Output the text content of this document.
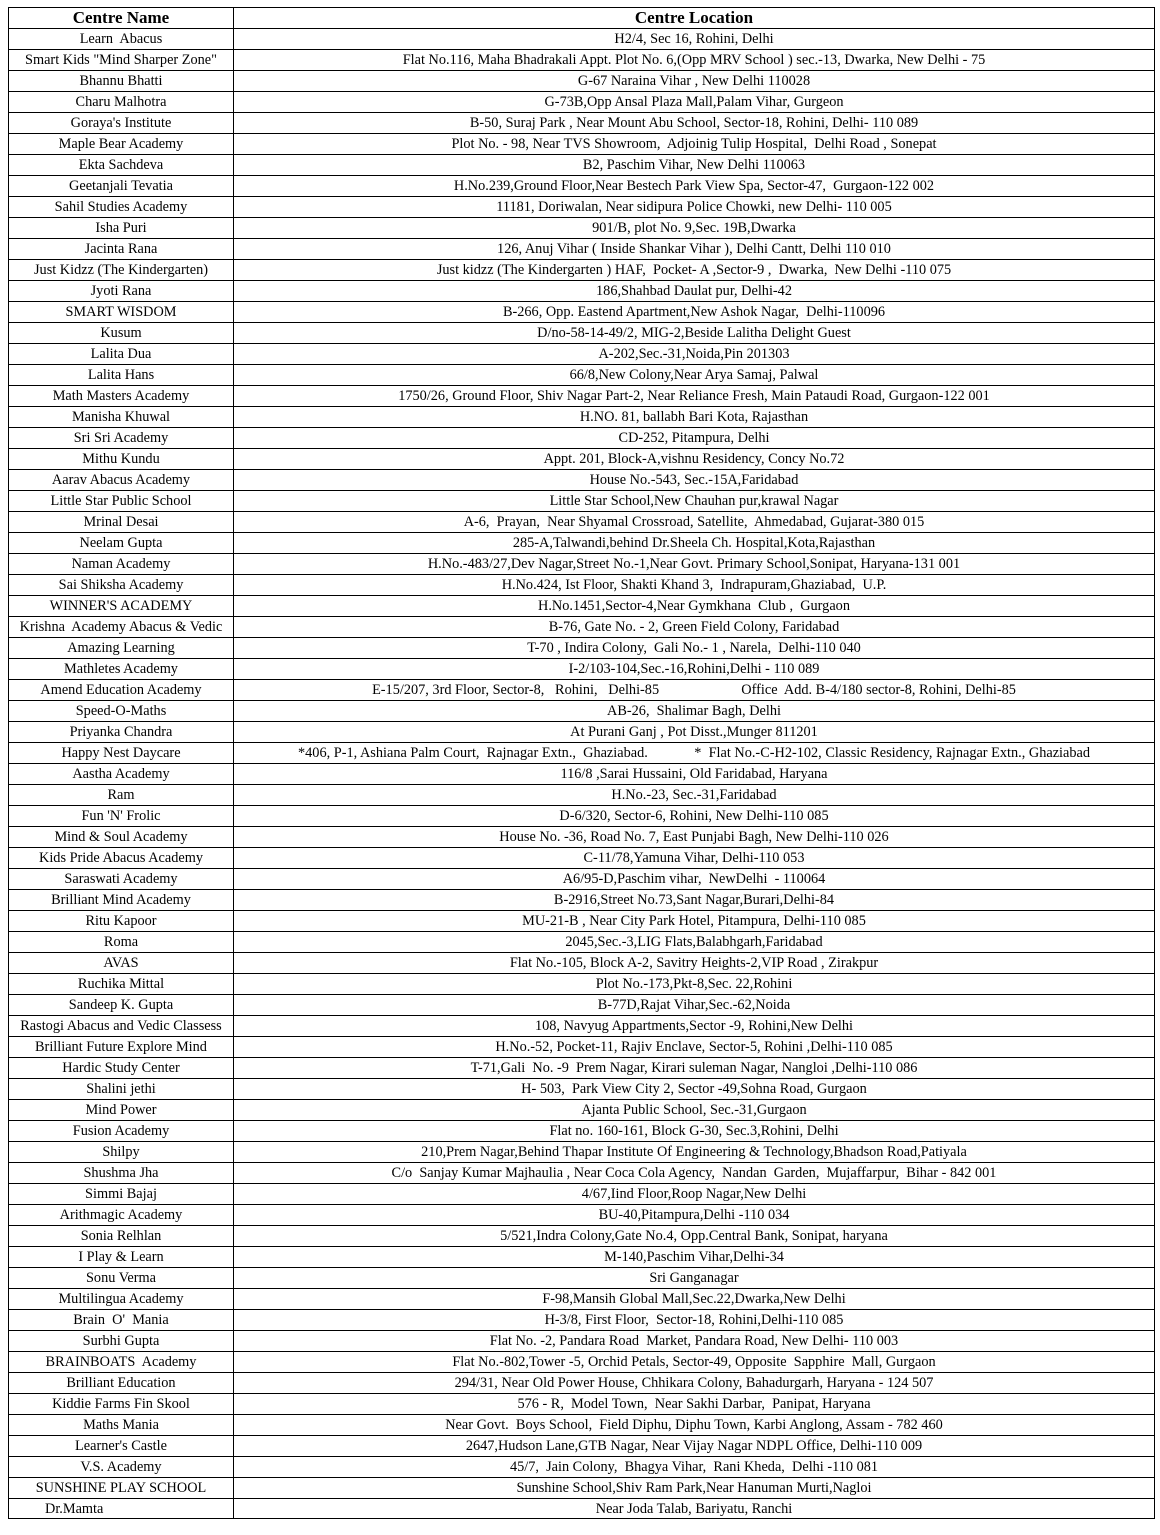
Centre Name	Centre Location
Learn  Abacus	H2/4, Sec 16, Rohini, Delhi
Smart Kids "Mind Sharper Zone"	Flat No.116, Maha Bhadrakali Appt. Plot No. 6,(Opp MRV School ) sec.-13, Dwarka, New Delhi - 75
Bhannu Bhatti	G-67 Naraina Vihar , New Delhi 110028
Charu Malhotra	G-73B,Opp Ansal Plaza Mall,Palam Vihar, Gurgeon
Goraya's Institute	B-50, Suraj Park , Near Mount Abu School, Sector-18, Rohini, Delhi- 110 089
Maple Bear Academy	Plot No. - 98, Near TVS Showroom,  Adjoinig Tulip Hospital,  Delhi Road , Sonepat
Ekta Sachdeva	B2, Paschim Vihar, New Delhi 110063
Geetanjali Tevatia	H.No.239,Ground Floor,Near Bestech Park View Spa, Sector-47,  Gurgaon-122 002
Sahil Studies Academy	11181, Doriwalan, Near sidipura Police Chowki, new Delhi- 110 005
Isha Puri	901/B, plot No. 9,Sec. 19B,Dwarka
Jacinta Rana	126, Anuj Vihar ( Inside Shankar Vihar ), Delhi Cantt, Delhi 110 010
Just Kidzz (The Kindergarten)	Just kidzz (The Kindergarten ) HAF,  Pocket- A ,Sector-9 ,  Dwarka,  New Delhi -110 075
Jyoti Rana	186,Shahbad Daulat pur, Delhi-42
SMART WISDOM	B-266, Opp. Eastend Apartment,New Ashok Nagar,  Delhi-110096
Kusum	D/no-58-14-49/2, MIG-2,Beside Lalitha Delight Guest
Lalita Dua	A-202,Sec.-31,Noida,Pin 201303
Lalita Hans	66/8,New Colony,Near Arya Samaj, Palwal
Math Masters Academy	1750/26, Ground Floor, Shiv Nagar Part-2, Near Reliance Fresh, Main Pataudi Road, Gurgaon-122 001
Manisha Khuwal	H.NO. 81, ballabh Bari Kota, Rajasthan
Sri Sri Academy	CD-252, Pitampura, Delhi
Mithu Kundu	Appt. 201, Block-A,vishnu Residency, Concy No.72
Aarav Abacus Academy	House No.-543, Sec.-15A,Faridabad
Little Star Public School	Little Star School,New Chauhan pur,krawal Nagar
Mrinal Desai	A-6,  Prayan,  Near Shyamal Crossroad, Satellite,  Ahmedabad, Gujarat-380 015
Neelam Gupta	285-A,Talwandi,behind Dr.Sheela Ch. Hospital,Kota,Rajasthan
Naman Academy	H.No.-483/27,Dev Nagar,Street No.-1,Near Govt. Primary School,Sonipat, Haryana-131 001
Sai Shiksha Academy	H.No.424, Ist Floor, Shakti Khand 3,  Indrapuram,Ghaziabad,  U.P.
WINNER'S ACADEMY	H.No.1451,Sector-4,Near Gymkhana  Club ,  Gurgaon
Krishna  Academy Abacus & Vedic	B-76, Gate No. - 2, Green Field Colony, Faridabad
Amazing Learning	T-70 , Indira Colony,  Gali No.- 1 , Narela,  Delhi-110 040
Mathletes Academy	I-2/103-104,Sec.-16,Rohini,Delhi - 110 089
Amend Education Academy	E-15/207, 3rd Floor, Sector-8,   Rohini,   Delhi-85                       Office  Add. B-4/180 sector-8, Rohini, Delhi-85
Speed-O-Maths	AB-26,  Shalimar Bagh, Delhi
Priyanka Chandra	At Purani Ganj , Pot Disst.,Munger 811201
Happy Nest Daycare	*406, P-1, Ashiana Palm Court,  Rajnagar Extn.,  Ghaziabad.             *  Flat No.-C-H2-102, Classic Residency, Rajnagar Extn., Ghaziabad
Aastha Academy	116/8 ,Sarai Hussaini, Old Faridabad, Haryana
Ram	H.No.-23, Sec.-31,Faridabad
Fun 'N' Frolic	D-6/320, Sector-6, Rohini, New Delhi-110 085
Mind & Soul Academy	House No. -36, Road No. 7, East Punjabi Bagh, New Delhi-110 026
Kids Pride Abacus Academy	C-11/78,Yamuna Vihar, Delhi-110 053
Saraswati Academy	A6/95-D,Paschim vihar,  NewDelhi  - 110064
Brilliant Mind Academy	B-2916,Street No.73,Sant Nagar,Burari,Delhi-84
Ritu Kapoor	MU-21-B , Near City Park Hotel, Pitampura, Delhi-110 085
Roma	2045,Sec.-3,LIG Flats,Balabhgarh,Faridabad
AVAS	Flat No.-105, Block A-2, Savitry Heights-2,VIP Road , Zirakpur
Ruchika Mittal	Plot No.-173,Pkt-8,Sec. 22,Rohini
Sandeep K. Gupta	B-77D,Rajat Vihar,Sec.-62,Noida
Rastogi Abacus and Vedic Classess	108, Navyug Appartments,Sector -9, Rohini,New Delhi
Brilliant Future Explore Mind	H.No.-52, Pocket-11, Rajiv Enclave, Sector-5, Rohini ,Delhi-110 085
Hardic Study Center	T-71,Gali  No. -9  Prem Nagar, Kirari suleman Nagar, Nangloi ,Delhi-110 086
Shalini jethi	H- 503,  Park View City 2, Sector -49,Sohna Road, Gurgaon
Mind Power	Ajanta Public School, Sec.-31,Gurgaon
Fusion Academy	Flat no. 160-161, Block G-30, Sec.3,Rohini, Delhi
Shilpy	210,Prem Nagar,Behind Thapar Institute Of Engineering & Technology,Bhadson Road,Patiyala
Shushma Jha	C/o  Sanjay Kumar Majhaulia , Near Coca Cola Agency,  Nandan  Garden,  Mujaffarpur,  Bihar - 842 001
Simmi Bajaj	4/67,Iind Floor,Roop Nagar,New Delhi
Arithmagic Academy	BU-40,Pitampura,Delhi -110 034
Sonia Relhlan	5/521,Indra Colony,Gate No.4, Opp.Central Bank, Sonipat, haryana
I Play & Learn	M-140,Paschim Vihar,Delhi-34
Sonu Verma	Sri Ganganagar
Multilingua Academy	F-98,Mansih Global Mall,Sec.22,Dwarka,New Delhi
Brain  O'  Mania	H-3/8, First Floor,  Sector-18, Rohini,Delhi-110 085
Surbhi Gupta	Flat No. -2, Pandara Road  Market, Pandara Road, New Delhi- 110 003
BRAINBOATS  Academy	Flat No.-802,Tower -5, Orchid Petals, Sector-49, Opposite  Sapphire  Mall, Gurgaon
Brilliant Education	294/31, Near Old Power House, Chhikara Colony, Bahadurgarh, Haryana - 124 507
Kiddie Farms Fin Skool	576 - R,  Model Town,  Near Sakhi Darbar,  Panipat, Haryana
Maths Mania	Near Govt.  Boys School,  Field Diphu, Diphu Town, Karbi Anglong, Assam - 782 460
Learner's Castle	2647,Hudson Lane,GTB Nagar, Near Vijay Nagar NDPL Office, Delhi-110 009
V.S. Academy	45/7,  Jain Colony,  Bhagya Vihar,  Rani Kheda,  Delhi -110 081
SUNSHINE PLAY SCHOOL	Sunshine School,Shiv Ram Park,Near Hanuman Murti,Nagloi
Dr.Mamta	Near Joda Talab, Bariyatu, Ranchi
